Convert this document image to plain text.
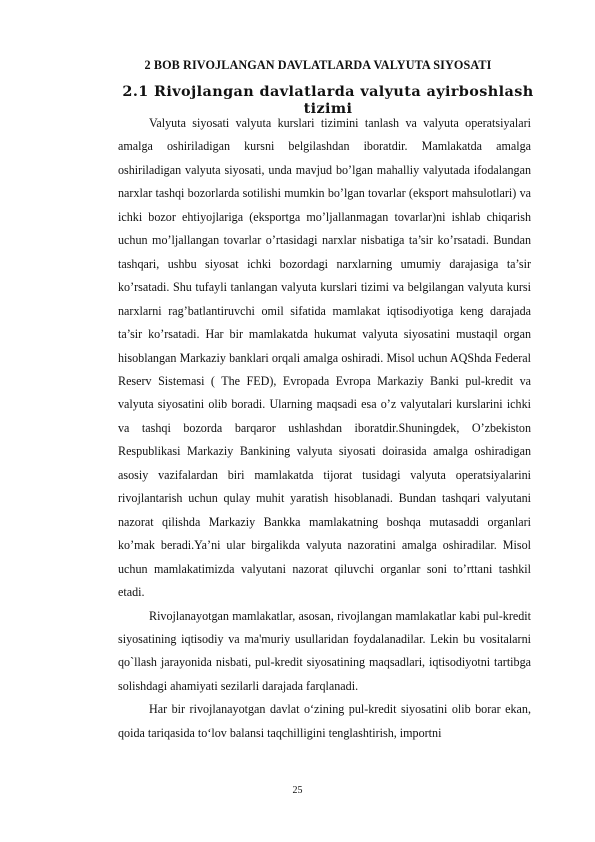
2 BOB RIVOJLANGAN DAVLATLARDA VALYUTA SIYOSATI
2.1 Rivojlangan davlatlarda valyuta ayirboshlash tizimi

Valyuta siyosati valyuta kurslari tizimini tanlash va valyuta operatsiyalari amalga oshiriladigan kursni belgilashdan iboratdir. Mamlakatda amalga oshiriladigan valyuta siyosati, unda mavjud bo’lgan mahalliy valyutada ifodalangan narxlar tashqi bozorlarda sotilishi mumkin bo’lgan tovarlar (eksport mahsulotlari) va ichki bozor ehtiyojlariga (eksportga mo’ljallanmagan tovarlar)ni ishlab chiqarish uchun mo’ljallangan tovarlar o’rtasidagi narxlar nisbatiga ta’sir ko’rsatadi. Bundan tashqari, ushbu siyosat ichki bozordagi narxlarning umumiy darajasiga ta’sir ko’rsatadi. Shu tufayli tanlangan valyuta kurslari tizimi va belgilangan valyuta kursi narxlarni rag’batlantiruvchi omil sifatida mamlakat iqtisodiyotiga keng darajada ta’sir ko’rsatadi. Har bir mamlakatda hukumat valyuta siyosatini mustaqil organ hisoblangan Markaziy banklari orqali amalga oshiradi. Misol uchun AQShda Federal Reserv Sistemasi ( The FED), Evropada Evropa Markaziy Banki pul-kredit va valyuta siyosatini olib boradi. Ularning maqsadi esa o’z valyutalari kurslarini ichki va tashqi bozorda barqaror ushlashdan iboratdir.Shuningdek, O’zbekiston Respublikasi Markaziy Bankining valyuta siyosati doirasida amalga oshiradigan asosiy vazifalardan biri mamlakatda tijorat tusidagi valyuta operatsiyalarini rivojlantarish uchun qulay muhit yaratish hisoblanadi. Bundan tashqari valyutani nazorat qilishda Markaziy Bankka mamlakatning boshqa mutasaddi organlari ko’mak beradi.Ya’ni ular birgalikda valyuta nazoratini amalga oshiradilar. Misol uchun mamlakatimizda valyutani nazorat qiluvchi organlar soni to’rttani tashkil etadi.

Rivojlanayotgan mamlakatlar, asosan, rivojlangan mamlakatlar kabi pul-kredit siyosatining iqtisodiy va ma'muriy usullaridan foydalanadilar. Lekin bu vositalarni qo`llash jarayonida nisbati, pul-kredit siyosatining maqsadlari, iqtisodiyotni tartibga solishdagi ahamiyati sezilarli darajada farqlanadi.

Har bir rivojlanayotgan davlat o‘zining pul-kredit siyosatini olib borar ekan, qoida tariqasida to‘lov balansi taqchilligini tenglashtirish, importni

25
